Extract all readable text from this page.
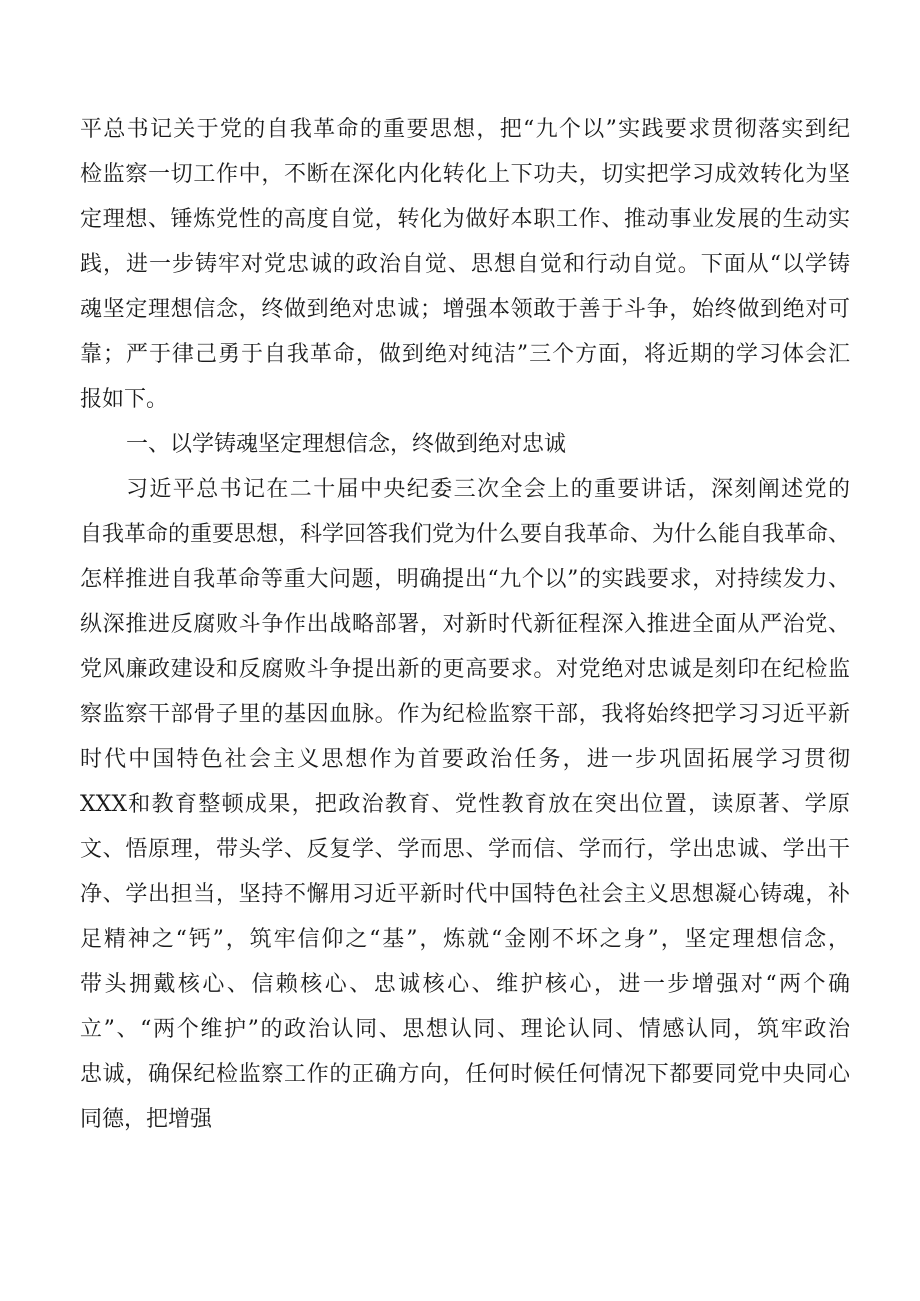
平总书记关于党的自我革命的重要思想，把“九个以”实践要求贯彻落实到纪
检监察一切工作中，不断在深化内化转化上下功夫，切实把学习成效转化为坚
定理想、锤炼党性的高度自觉，转化为做好本职工作、推动事业发展的生动实
践，进一步铸牢对党忠诚的政治自觉、思想自觉和行动自觉。下面从“以学铸
魂坚定理想信念，终做到绝对忠诚；增强本领敢于善于斗争，始终做到绝对可
靠；严于律己勇于自我革命，做到绝对纯洁”三个方面，将近期的学习体会汇
报如下。
一、以学铸魂坚定理想信念，终做到绝对忠诚
习近平总书记在二十届中央纪委三次全会上的重要讲话，深刻阐述党的
自我革命的重要思想，科学回答我们党为什么要自我革命、为什么能自我革命、
怎样推进自我革命等重大问题，明确提出“九个以”的实践要求，对持续发力、
纵深推进反腐败斗争作出战略部署，对新时代新征程深入推进全面从严治党、
党风廉政建设和反腐败斗争提出新的更高要求。对党绝对忠诚是刻印在纪检监
察监察干部骨子里的基因血脉。作为纪检监察干部，我将始终把学习习近平新
时代中国特色社会主义思想作为首要政治任务，进一步巩固拓展学习贯彻
XXX和教育整顿成果，把政治教育、党性教育放在突出位置，读原著、学原
文、悟原理，带头学、反复学、学而思、学而信、学而行，学出忠诚、学出干
净、学出担当，坚持不懈用习近平新时代中国特色社会主义思想凝心铸魂，补
足精神之“钙”，筑牢信仰之“基”，炼就“金刚不坏之身”，坚定理想信念，
带头拥戴核心、信赖核心、忠诚核心、维护核心，进一步增强对“两个确
立”、“两个维护”的政治认同、思想认同、理论认同、情感认同，筑牢政治
忠诚，确保纪检监察工作的正确方向，任何时候任何情况下都要同党中央同心
同德，把增强
